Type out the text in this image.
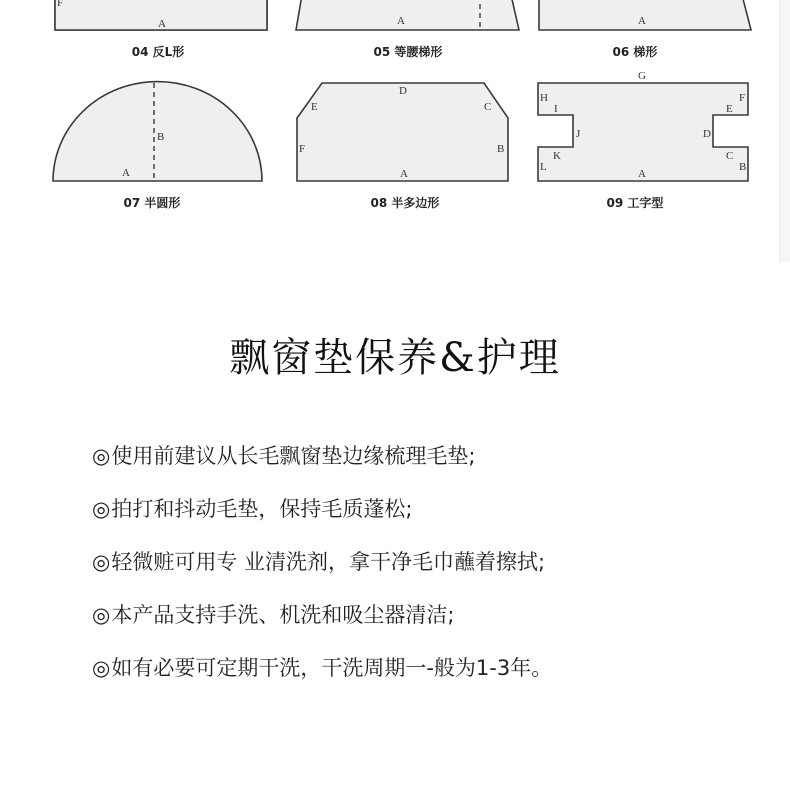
F
A
04 反L形
A
05 等腰梯形
A
06 梯形
B
A
07 半圆形
D
E	C
F	B
A
08 半多边形
G
H	F
I	E
J	D
K	C
L	B
A
09 工字型
飘窗垫保养&护理
◎使用前建议从长毛飘窗垫边缘梳理毛垫;
◎拍打和抖动毛垫，保持毛质蓬松;
◎轻微赃可用专 业清洗剂，拿干净毛巾蘸着擦拭;
◎本产品支持手洗、机洗和吸尘器清洁;
◎如有必要可定期干洗，干洗周期一-般为1-3年。
